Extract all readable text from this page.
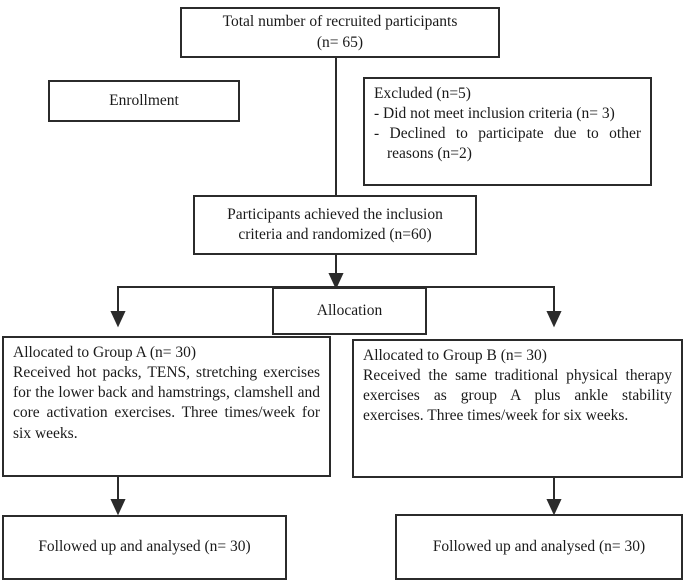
Total number of recruited participants
(n= 65)
Enrollment	Excluded (n=5)
- Did not meet inclusion criteria (n= 3)
- Declined to participate due to other reasons (n=2)
Participants achieved the inclusion
criteria and randomized (n=60)
Allocation
Allocated to Group A (n= 30)
Received hot packs, TENS, stretching exercises for the lower back and hamstrings, clamshell and core activation exercises. Three times/week for six weeks.
Allocated to Group B (n= 30)
Received the same traditional physical therapy exercises as group A plus ankle stability exercises. Three times/week for six weeks.
Followed up and analysed (n= 30)	Followed up and analysed (n= 30)
